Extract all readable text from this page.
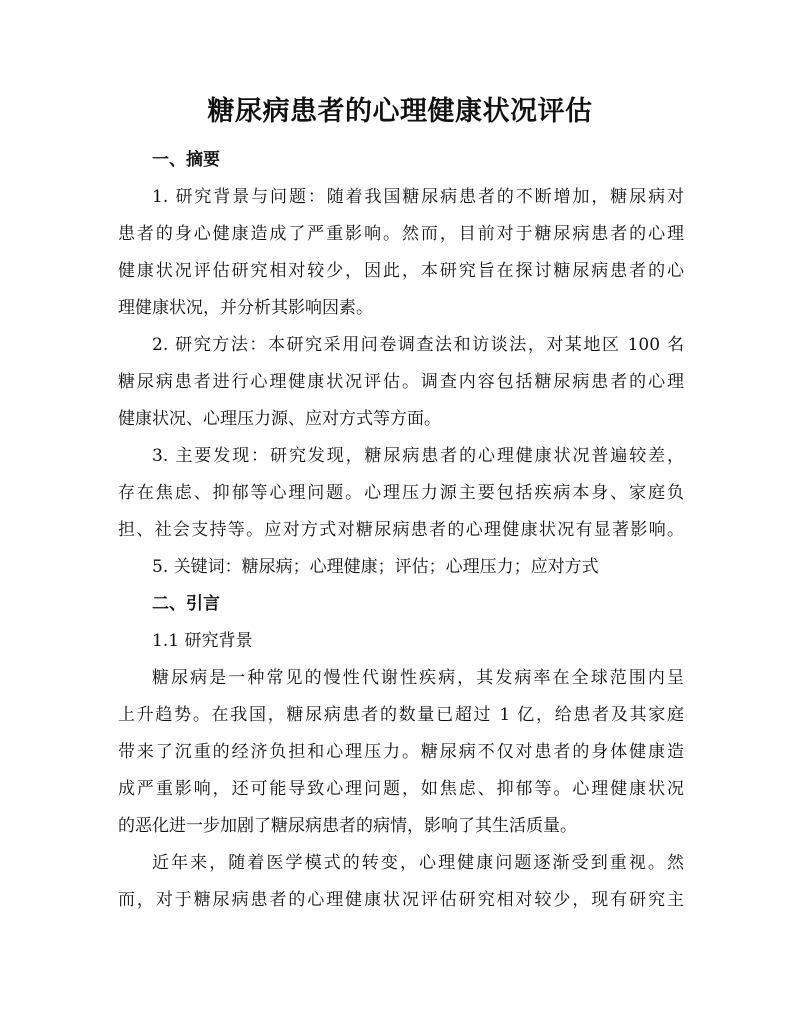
糖尿病患者的心理健康状况评估
一、摘要
1. 研究背景与问题：随着我国糖尿病患者的不断增加，糖尿病对
患者的身心健康造成了严重影响。然而，目前对于糖尿病患者的心理
健康状况评估研究相对较少，因此，本研究旨在探讨糖尿病患者的心
理健康状况，并分析其影响因素。
2. 研究方法：本研究采用问卷调查法和访谈法，对某地区 100 名
糖尿病患者进行心理健康状况评估。调查内容包括糖尿病患者的心理
健康状况、心理压力源、应对方式等方面。
3. 主要发现：研究发现，糖尿病患者的心理健康状况普遍较差，
存在焦虑、抑郁等心理问题。心理压力源主要包括疾病本身、家庭负
担、社会支持等。应对方式对糖尿病患者的心理健康状况有显著影响。
5. 关键词：糖尿病；心理健康；评估；心理压力；应对方式
二、引言
1.1 研究背景
糖尿病是一种常见的慢性代谢性疾病，其发病率在全球范围内呈
上升趋势。在我国，糖尿病患者的数量已超过 1 亿，给患者及其家庭
带来了沉重的经济负担和心理压力。糖尿病不仅对患者的身体健康造
成严重影响，还可能导致心理问题，如焦虑、抑郁等。心理健康状况
的恶化进一步加剧了糖尿病患者的病情，影响了其生活质量。
近年来，随着医学模式的转变，心理健康问题逐渐受到重视。然
而，对于糖尿病患者的心理健康状况评估研究相对较少，现有研究主
